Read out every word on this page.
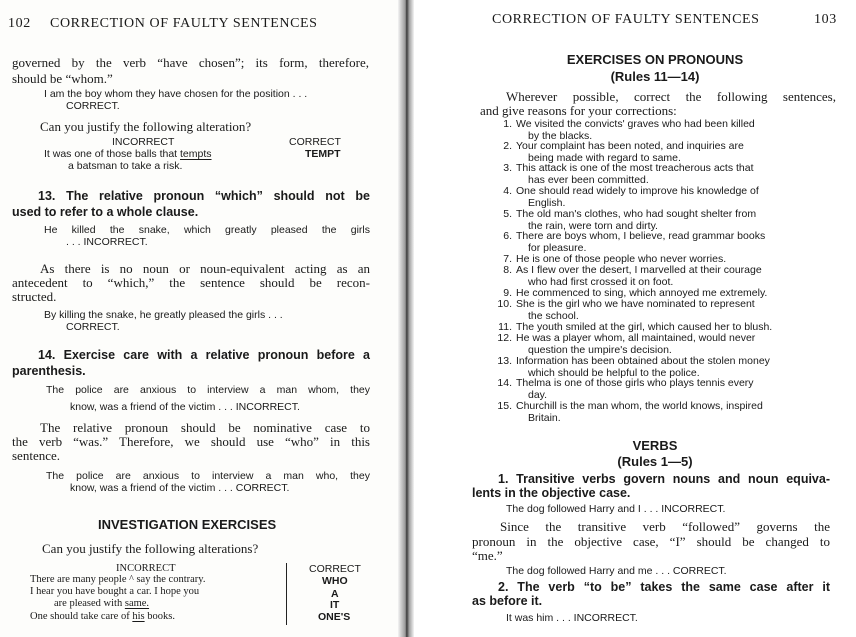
102 CORRECTION OF FAULTY SENTENCES
governed by the verb “have chosen”; its form, therefore,
should be “whom.”
I am the boy whom they have chosen for the position . . .
CORRECT.
Can you justify the following alteration?
INCORRECT	CORRECT
It was one of those balls that tempts	TEMPT
a batsman to take a risk.
13. The relative pronoun “which” should not be
used to refer to a whole clause.
He killed the snake, which greatly pleased the girls
. . . INCORRECT.
As there is no noun or noun-equivalent acting as an
antecedent to “which,” the sentence should be recon-
structed.
By killing the snake, he greatly pleased the girls . . .
CORRECT.
14. Exercise care with a relative pronoun before a
parenthesis.
The police are anxious to interview a man whom, they
know, was a friend of the victim . . . INCORRECT.
The relative pronoun should be nominative case to
the verb “was.” Therefore, we should use “who” in this
sentence.
The police are anxious to interview a man who, they
know, was a friend of the victim . . . CORRECT.
INVESTIGATION EXERCISES
Can you justify the following alterations?
INCORRECT	CORRECT
There are many people ^ say the contrary.	WHO
I hear you have bought a car. I hope you	A
are pleased with same.	IT
One should take care of his books.	ONE'S
CORRECTION OF FAULTY SENTENCES	103
EXERCISES ON PRONOUNS
(Rules 11—14)
Wherever possible, correct the following sentences,
and give reasons for your corrections:
1. We visited the convicts' graves who had been killed
by the blacks.
2. Your complaint has been noted, and inquiries are
being made with regard to same.
3. This attack is one of the most treacherous acts that
has ever been committed.
4. One should read widely to improve his knowledge of
English.
5. The old man's clothes, who had sought shelter from
the rain, were torn and dirty.
6. There are boys whom, I believe, read grammar books
for pleasure.
7. He is one of those people who never worries.
8. As I flew over the desert, I marvelled at their courage
who had first crossed it on foot.
9. He commenced to sing, which annoyed me extremely.
10. She is the girl who we have nominated to represent
the school.
11. The youth smiled at the girl, which caused her to blush.
12. He was a player whom, all maintained, would never
question the umpire's decision.
13. Information has been obtained about the stolen money
which should be helpful to the police.
14. Thelma is one of those girls who plays tennis every
day.
15. Churchill is the man whom, the world knows, inspired
Britain.
VERBS
(Rules 1—5)
1. Transitive verbs govern nouns and noun equiva-
lents in the objective case.
The dog followed Harry and I . . . INCORRECT.
Since the transitive verb “followed” governs the
pronoun in the objective case, “I” should be changed to
“me.”
The dog followed Harry and me . . . CORRECT.
2. The verb “to be” takes the same case after it
as before it.
It was him . . . INCORRECT.
